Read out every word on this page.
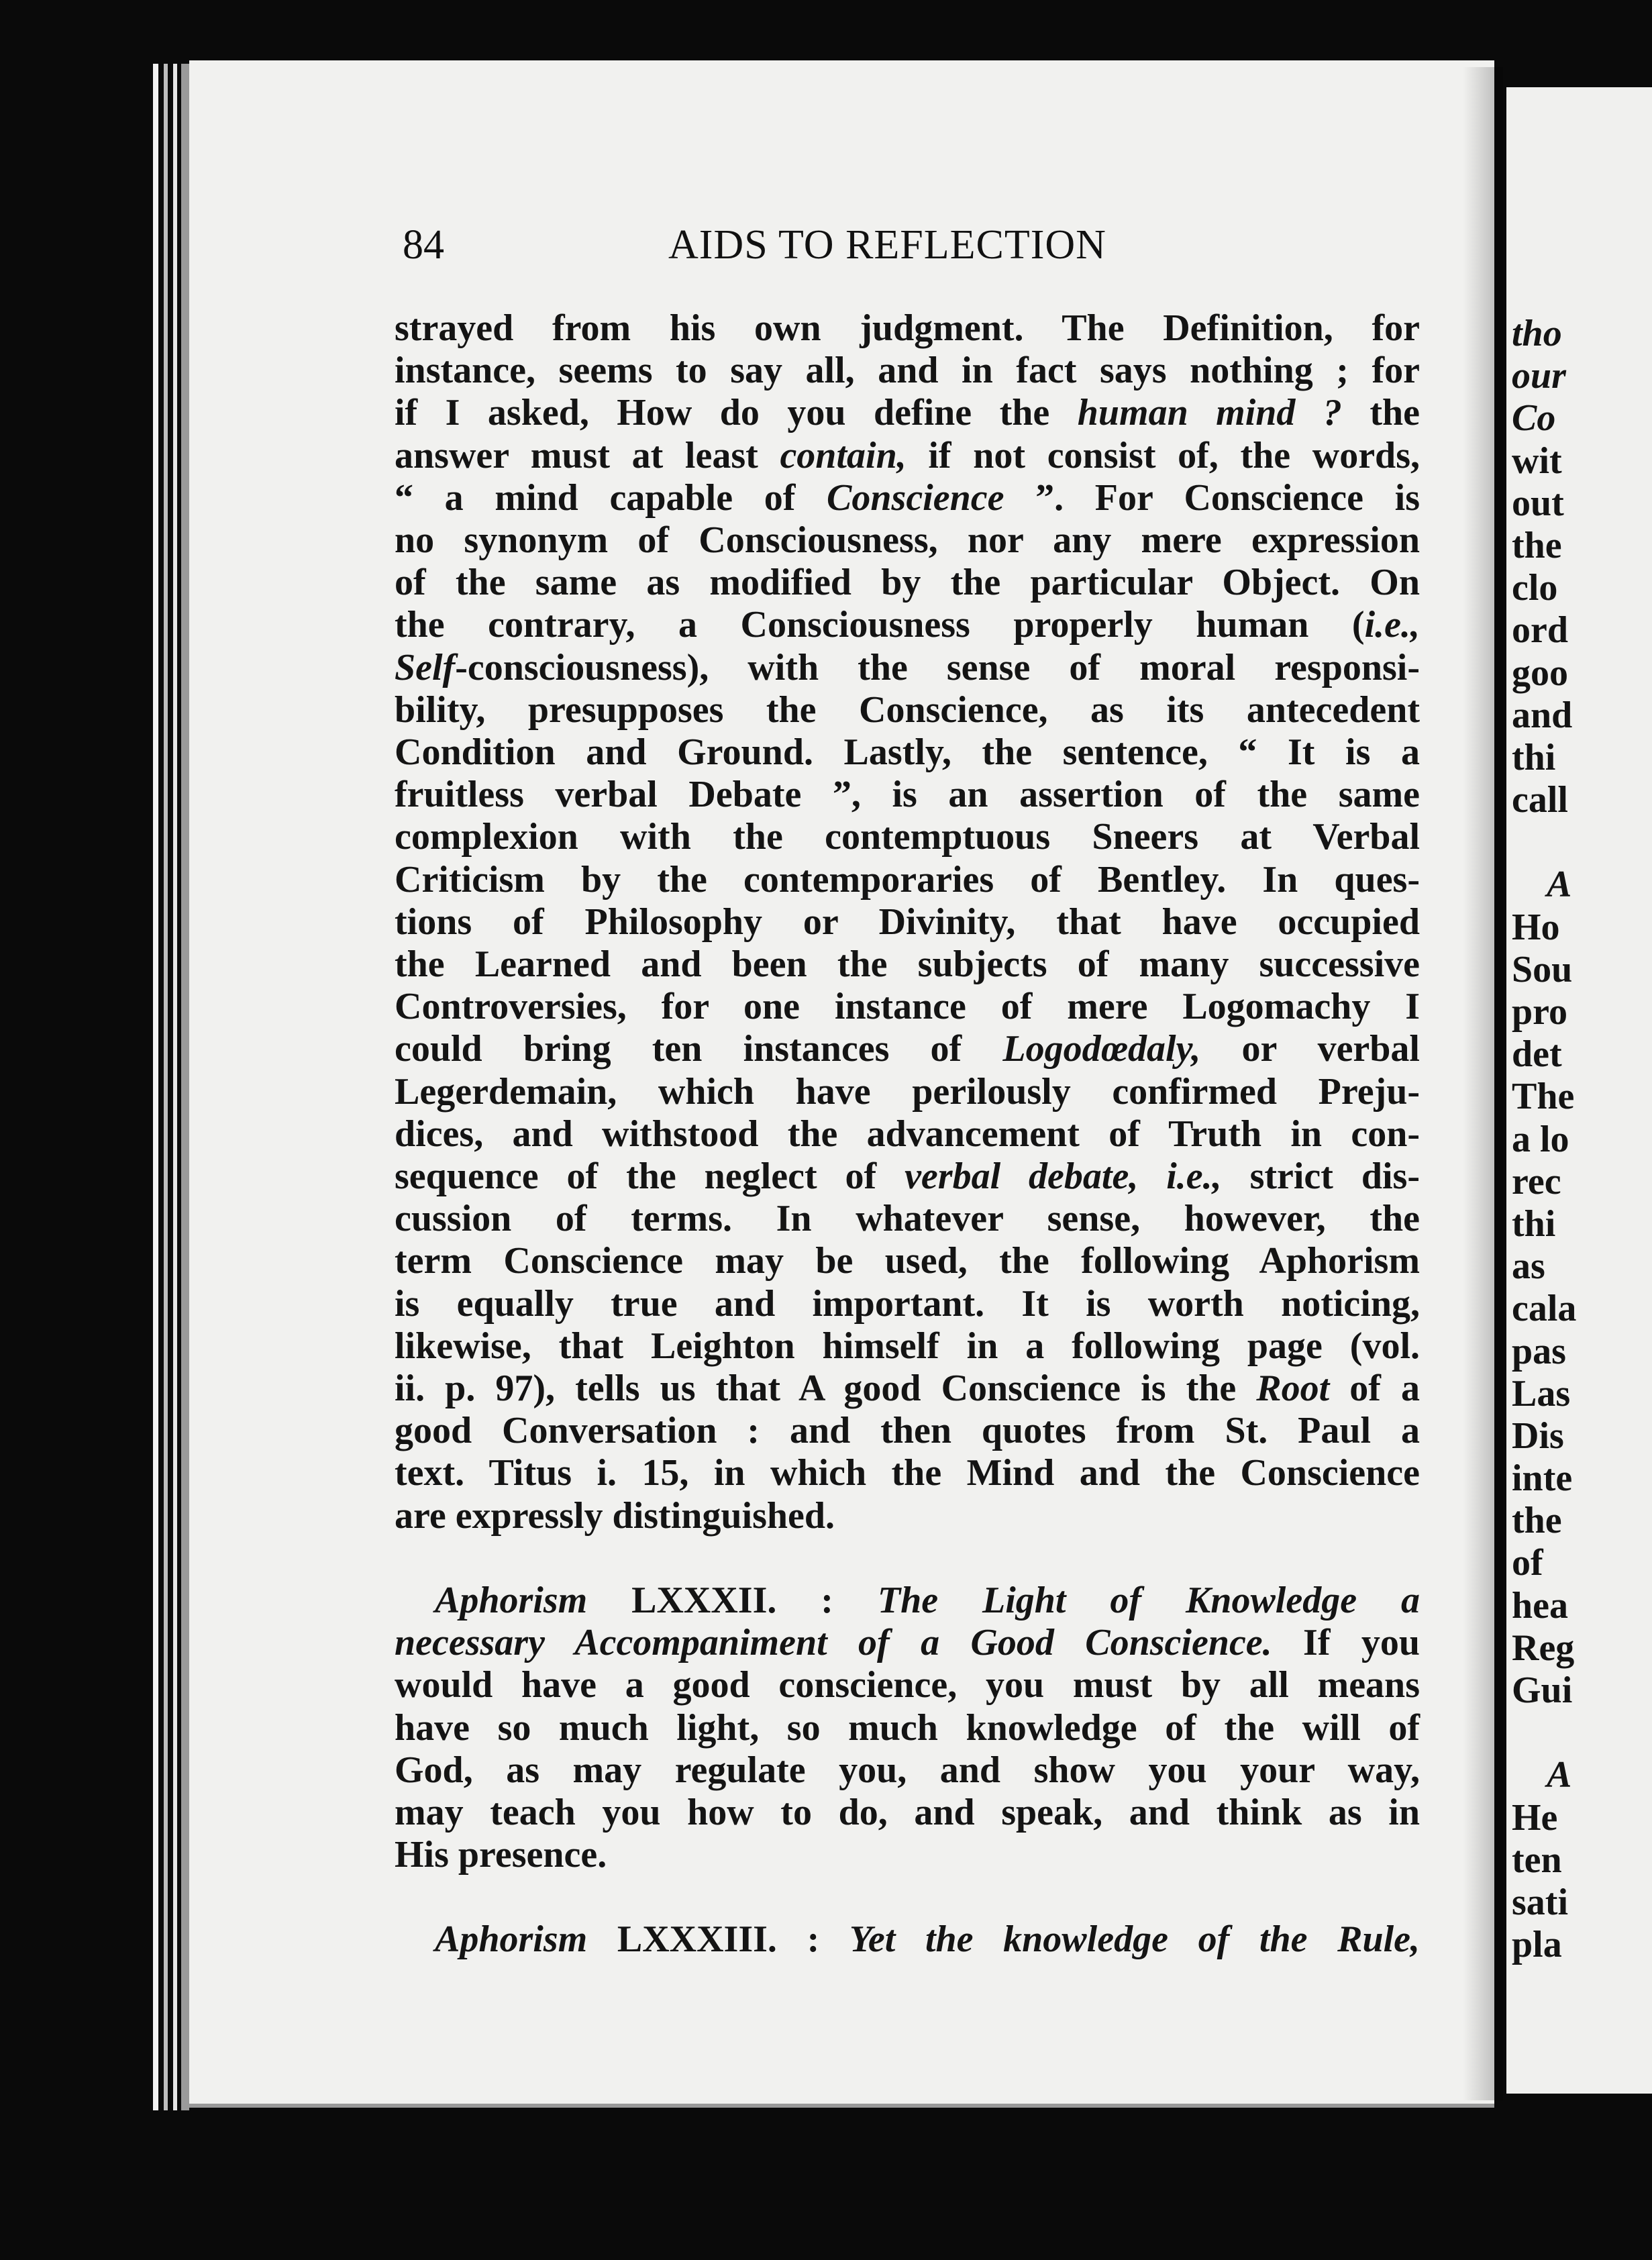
84	AIDS TO REFLECTION

strayed from his own judgment. The Definition, for
instance, seems to say all, and in fact says nothing ; for
if I asked, How do you define the human mind ? the
answer must at least contain, if not consist of, the words,
“ a mind capable of Conscience ”. For Conscience is
no synonym of Consciousness, nor any mere expression
of the same as modified by the particular Object. On
the contrary, a Consciousness properly human (i.e.,
Self-consciousness), with the sense of moral responsi-
bility, presupposes the Conscience, as its antecedent
Condition and Ground. Lastly, the sentence, “ It is a
fruitless verbal Debate ”, is an assertion of the same
complexion with the contemptuous Sneers at Verbal
Criticism by the contemporaries of Bentley. In ques-
tions of Philosophy or Divinity, that have occupied
the Learned and been the subjects of many successive
Controversies, for one instance of mere Logomachy I
could bring ten instances of Logodœdaly, or verbal
Legerdemain, which have perilously confirmed Preju-
dices, and withstood the advancement of Truth in con-
sequence of the neglect of verbal debate, i.e., strict dis-
cussion of terms. In whatever sense, however, the
term Conscience may be used, the following Aphorism
is equally true and important. It is worth noticing,
likewise, that Leighton himself in a following page (vol.
ii. p. 97), tells us that A good Conscience is the Root of a
good Conversation : and then quotes from St. Paul a
text. Titus i. 15, in which the Mind and the Conscience
are expressly distinguished.

Aphorism LXXXII. : The Light of Knowledge a
necessary Accompaniment of a Good Conscience. If you
would have a good conscience, you must by all means
have so much light, so much knowledge of the will of
God, as may regulate you, and show you your way,
may teach you how to do, and speak, and think as in
His presence.

Aphorism LXXXIII. : Yet the knowledge of the Rule,

tho
our
Co
wit
out
the
clo
ord
goo
and
thi
call
A
Ho
Sou
pro
det
The
a lo
rec
thi
as
cala
pas
Las
Dis
inte
the
of
hea
Reg
Gui
A
He
ten
sati
pla
